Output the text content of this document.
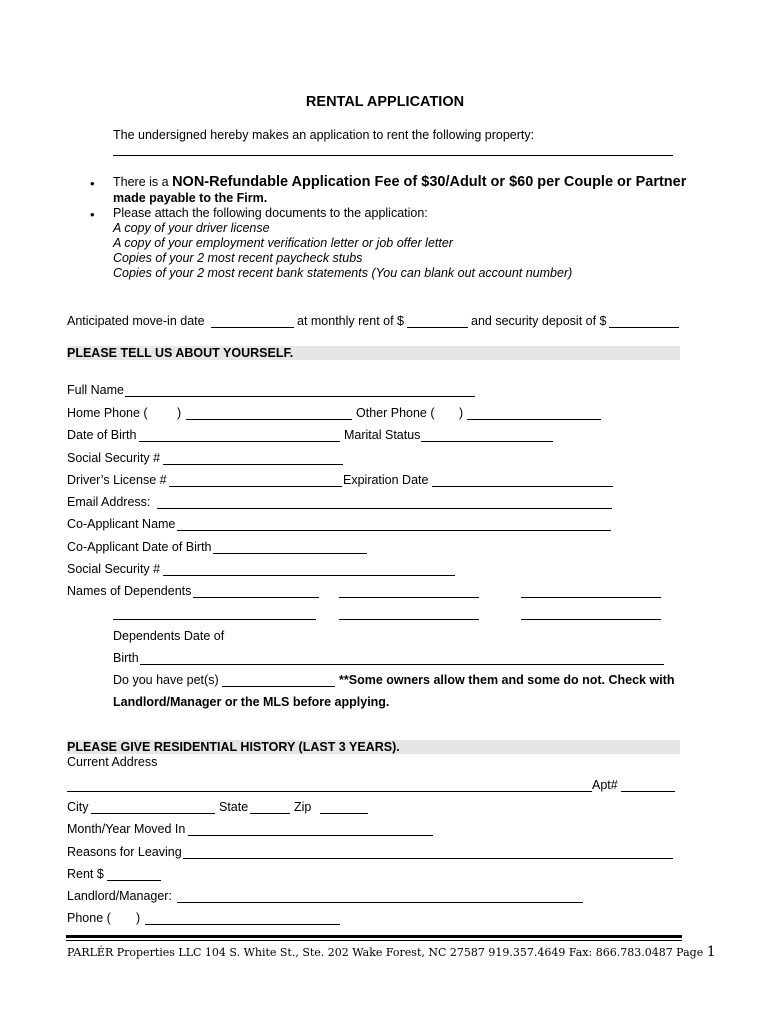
RENTAL APPLICATION
The undersigned hereby makes an application to rent the following property:
• There is a NON-Refundable Application Fee of $30/Adult or $60 per Couple or Partner
made payable to the Firm.
• Please attach the following documents to the application:
A copy of your driver license
A copy of your employment verification letter or job offer letter
Copies of your 2 most recent paycheck stubs
Copies of your 2 most recent bank statements (You can blank out account number)
Anticipated move-in date	at monthly rent of $	and security deposit of $
PLEASE TELL US ABOUT YOURSELF.
Full Name
Home Phone ( )	Other Phone ( )
Date of Birth	Marital Status
Social Security #
Driver’s License #	Expiration Date
Email Address:
Co-Applicant Name
Co-Applicant Date of Birth
Social Security #
Names of Dependents
Dependents Date of
Birth
Do you have pet(s)	**Some owners allow them and some do not. Check with
Landlord/Manager or the MLS before applying.
PLEASE GIVE RESIDENTIAL HISTORY (LAST 3 YEARS).
Current Address
Apt#
City	State	Zip
Month/Year Moved In
Reasons for Leaving
Rent $
Landlord/Manager:
Phone ( )
PARLÉR Properties LLC 104 S. White St., Ste. 202 Wake Forest, NC 27587 919.357.4649 Fax: 866.783.0487 Page 1
